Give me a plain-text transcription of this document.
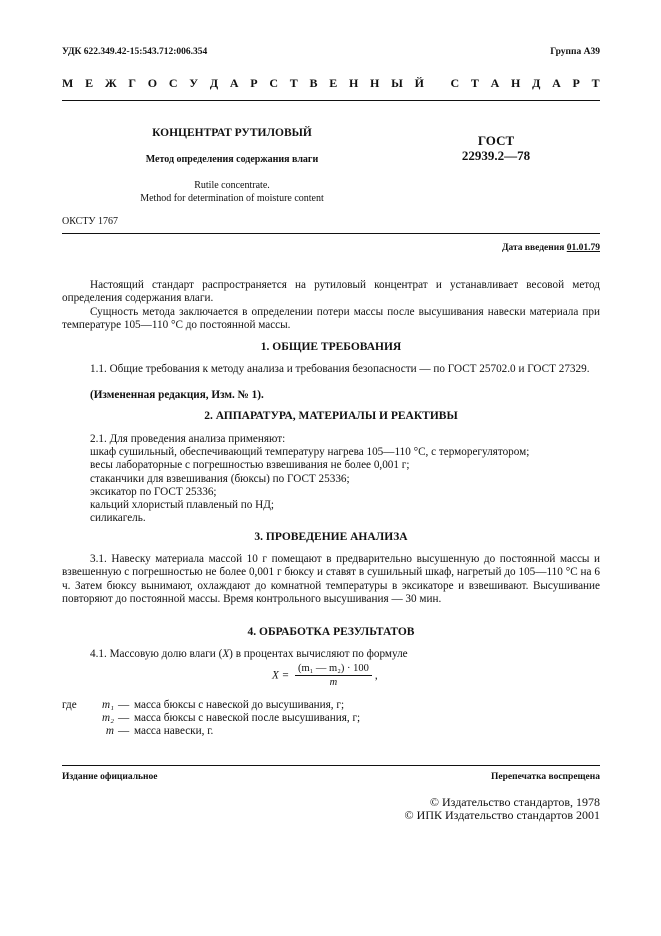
УДК 622.349.42-15:543.712:006.354	Группа А39
М Е Ж Г О С У Д А Р С Т В Е Н Н Ы Й
С Т А Н Д А Р Т
КОНЦЕНТРАТ РУТИЛОВЫЙ
Метод определения содержания влаги
Rutile concentrate.
Method for determination of moisture content
ГОСТ
22939.2—78
ОКСТУ 1767
Дата введения 01.01.79
Настоящий стандарт распространяется на рутиловый концентрат и устанавливает весовой метод определения содержания влаги.
Сущность метода заключается в определении потери массы после высушивания навески материала при температуре 105—110 °С до постоянной массы.
1. ОБЩИЕ ТРЕБОВАНИЯ
1.1. Общие требования к методу анализа и требования безопасности — по ГОСТ 25702.0 и ГОСТ 27329.
(Измененная редакция, Изм. № 1).
2. АППАРАТУРА, МАТЕРИАЛЫ И РЕАКТИВЫ
2.1. Для проведения анализа применяют:
шкаф сушильный, обеспечивающий температуру нагрева 105—110 °С, с терморегулятором;
весы лабораторные с погрешностью взвешивания не более 0,001 г;
стаканчики для взвешивания (бюксы) по ГОСТ 25336;
эксикатор по ГОСТ 25336;
кальций хлористый плавленый по НД;
силикагель.
3. ПРОВЕДЕНИЕ АНАЛИЗА
3.1. Навеску материала массой 10 г помещают в предварительно высушенную до постоянной массы и взвешенную с погрешностью не более 0,001 г бюксу и ставят в сушильный шкаф, нагретый до 105—110 °С на 6 ч. Затем бюксу вынимают, охлаждают до комнатной температуры в эксикаторе и взвешивают. Высушивание повторяют до постоянной массы. Время контрольного высушивания — 30 мин.
4. ОБРАБОТКА РЕЗУЛЬТАТОВ
4.1. Массовую долю влаги (X) в процентах вычисляют по формуле
$X = \frac{\text{(m₁ — m₂) · 100}}{m}$ ,
где m₁ — масса бюксы с навеской до высушивания, г;
m₂ — масса бюксы с навеской после высушивания, г;
m — масса навески, г.
Издание официальное	Перепечатка воспрещена
© Издательство стандартов, 1978
© ИПК Издательство стандартов 2001
